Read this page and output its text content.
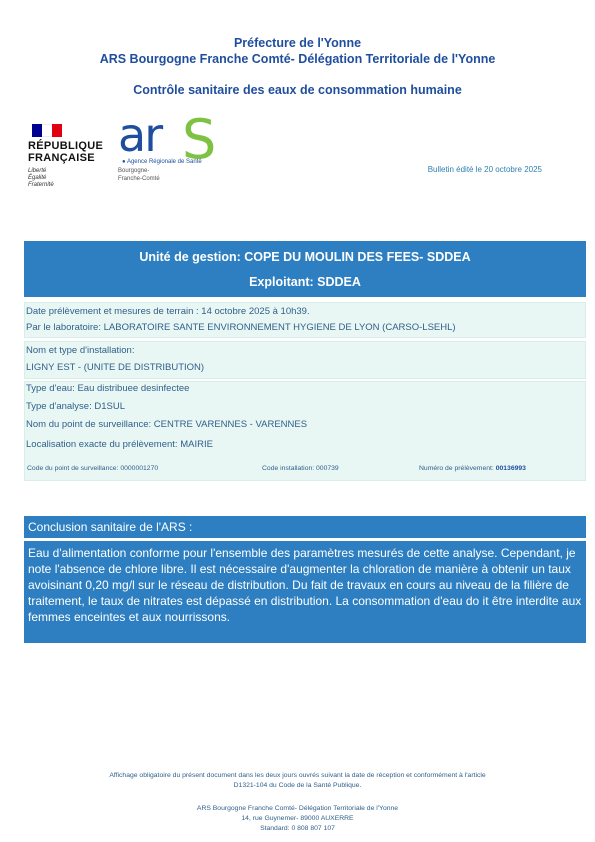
Préfecture de l'Yonne
ARS Bourgogne Franche Comté- Délégation Territoriale de l'Yonne
Contrôle sanitaire des eaux de consommation humaine
RÉPUBLIQUE
FRANÇAISE
Liberté
Égalité
Fraternité
ar S
● Agence Régionale de Santé
Bourgogne-
Franche-Comté
Bulletin édité le 20 octobre 2025
Unité de gestion: COPE DU MOULIN DES FEES- SDDEA
Exploitant: SDDEA
Date prélèvement et mesures de terrain : 14 octobre 2025 à 10h39.
Par le laboratoire: LABORATOIRE SANTE ENVIRONNEMENT HYGIENE DE LYON (CARSO-LSEHL)
Nom et type d'installation:
LIGNY EST - (UNITE DE DISTRIBUTION)
Type d'eau: Eau distribuee desinfectee
Type d'analyse: D1SUL
Nom du point de surveillance: CENTRE VARENNES - VARENNES
Localisation exacte du prélèvement: MAIRIE
Code du point de surveillance: 0000001270	Code installation: 000739	Numéro de prélèvement: 00136993
Conclusion sanitaire de l'ARS :

Eau d'alimentation conforme pour l'ensemble des paramètres mesurés de cette analyse. Cependant, je note l'absence de chlore libre. Il est nécessaire d'augmenter la chloration de manière à obtenir un taux avoisinant 0,20 mg/l sur le réseau de distribution. Du fait de travaux en cours au niveau de la filière de traitement, le taux de nitrates est dépassé en distribution. La consommation d'eau do it être interdite aux femmes enceintes et aux nourrissons.

Affichage obligatoire du présent document dans les deux jours ouvrés suivant la date de réception et conformément à l'article
D1321-104 du Code de la Santé Publique.
ARS Bourgogne Franche Comté- Délégation Territoriale de l'Yonne
14, rue Guynemer- 89000 AUXERRE
Standard: 0 808 807 107
